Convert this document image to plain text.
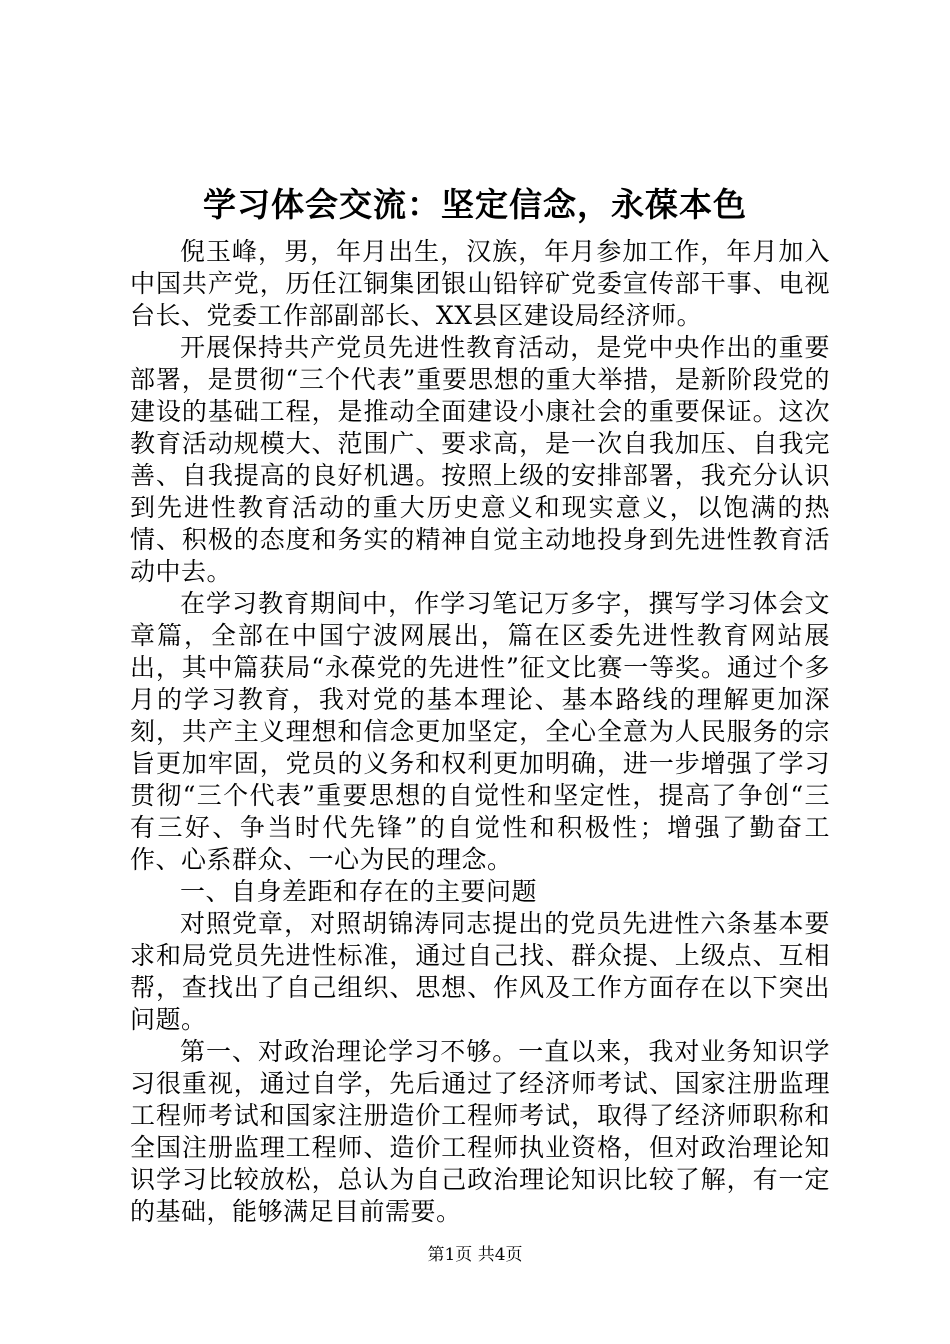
学习体会交流：坚定信念，永葆本色

倪玉峰，男，年月出生，汉族，年月参加工作，年月加入中国共产党，历任江铜集团银山铅锌矿党委宣传部干事、电视台长、党委工作部副部长、XX县区建设局经济师。

开展保持共产党员先进性教育活动，是党中央作出的重要部署，是贯彻“三个代表”重要思想的重大举措，是新阶段党的建设的基础工程，是推动全面建设小康社会的重要保证。这次教育活动规模大、范围广、要求高，是一次自我加压、自我完善、自我提高的良好机遇。按照上级的安排部署，我充分认识到先进性教育活动的重大历史意义和现实意义，以饱满的热情、积极的态度和务实的精神自觉主动地投身到先进性教育活动中去。

在学习教育期间中，作学习笔记万多字，撰写学习体会文章篇，全部在中国宁波网展出，篇在区委先进性教育网站展出，其中篇获局“永葆党的先进性”征文比赛一等奖。通过个多月的学习教育，我对党的基本理论、基本路线的理解更加深刻，共产主义理想和信念更加坚定，全心全意为人民服务的宗旨更加牢固，党员的义务和权利更加明确，进一步增强了学习贯彻“三个代表”重要思想的自觉性和坚定性，提高了争创“三有三好、争当时代先锋”的自觉性和积极性；增强了勤奋工作、心系群众、一心为民的理念。

一、自身差距和存在的主要问题

对照党章，对照胡锦涛同志提出的党员先进性六条基本要求和局党员先进性标准，通过自己找、群众提、上级点、互相帮，查找出了自己组织、思想、作风及工作方面存在以下突出问题。

第一、对政治理论学习不够。一直以来，我对业务知识学习很重视，通过自学，先后通过了经济师考试、国家注册监理工程师考试和国家注册造价工程师考试，取得了经济师职称和全国注册监理工程师、造价工程师执业资格，但对政治理论知识学习比较放松，总认为自己政治理论知识比较了解，有一定的基础，能够满足目前需要。

第1页 共4页
